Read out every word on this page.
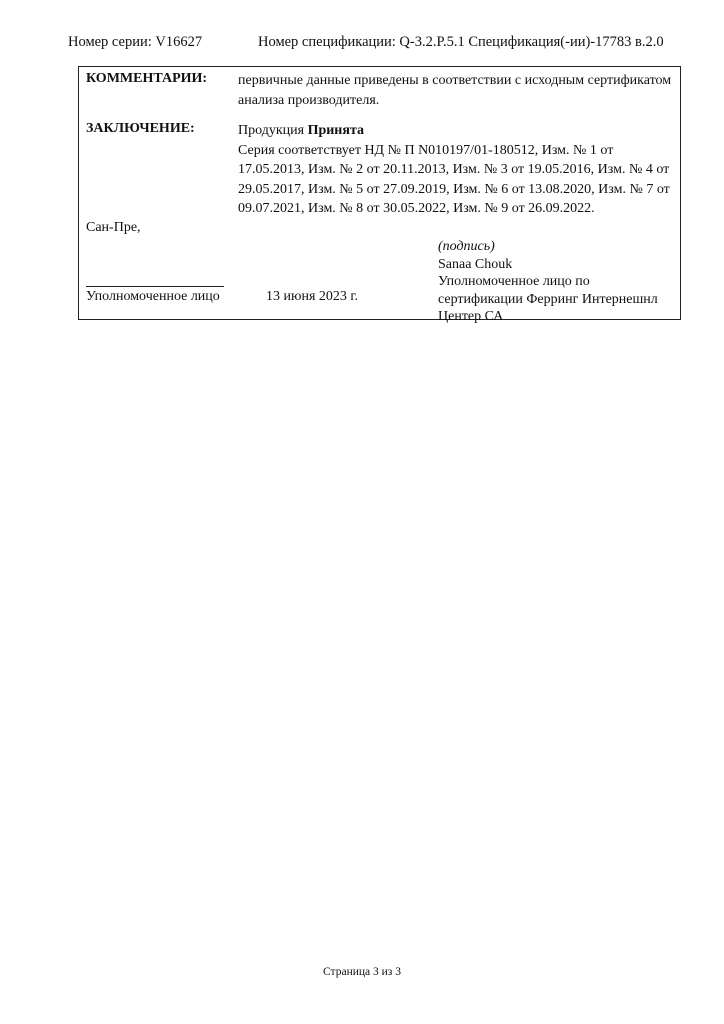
Номер серии: V16627	Номер спецификации: Q-3.2.P.5.1 Спецификация(-ии)-17783 в.2.0
КОММЕНТАРИИ: первичные данные приведены в соответствии с исходным сертификатом анализа производителя.
ЗАКЛЮЧЕНИЕ:	Продукция Принята
Серия соответствует НД № П N010197/01-180512, Изм. № 1 от 17.05.2013, Изм. № 2 от 20.11.2013, Изм. № 3 от 19.05.2016, Изм. № 4 от 29.05.2017, Изм. № 5 от 27.09.2019, Изм. № 6 от 13.08.2020, Изм. № 7 от 09.07.2021, Изм. № 8 от 30.05.2022, Изм. № 9 от 26.09.2022.
Сан-Пре,
(подпись)
Sanaa Chouk
Уполномоченное лицо по сертификации Ферринг Интернешнл Центер СА
Уполномоченное лицо	13 июня 2023 г.
Страница 3 из 3
